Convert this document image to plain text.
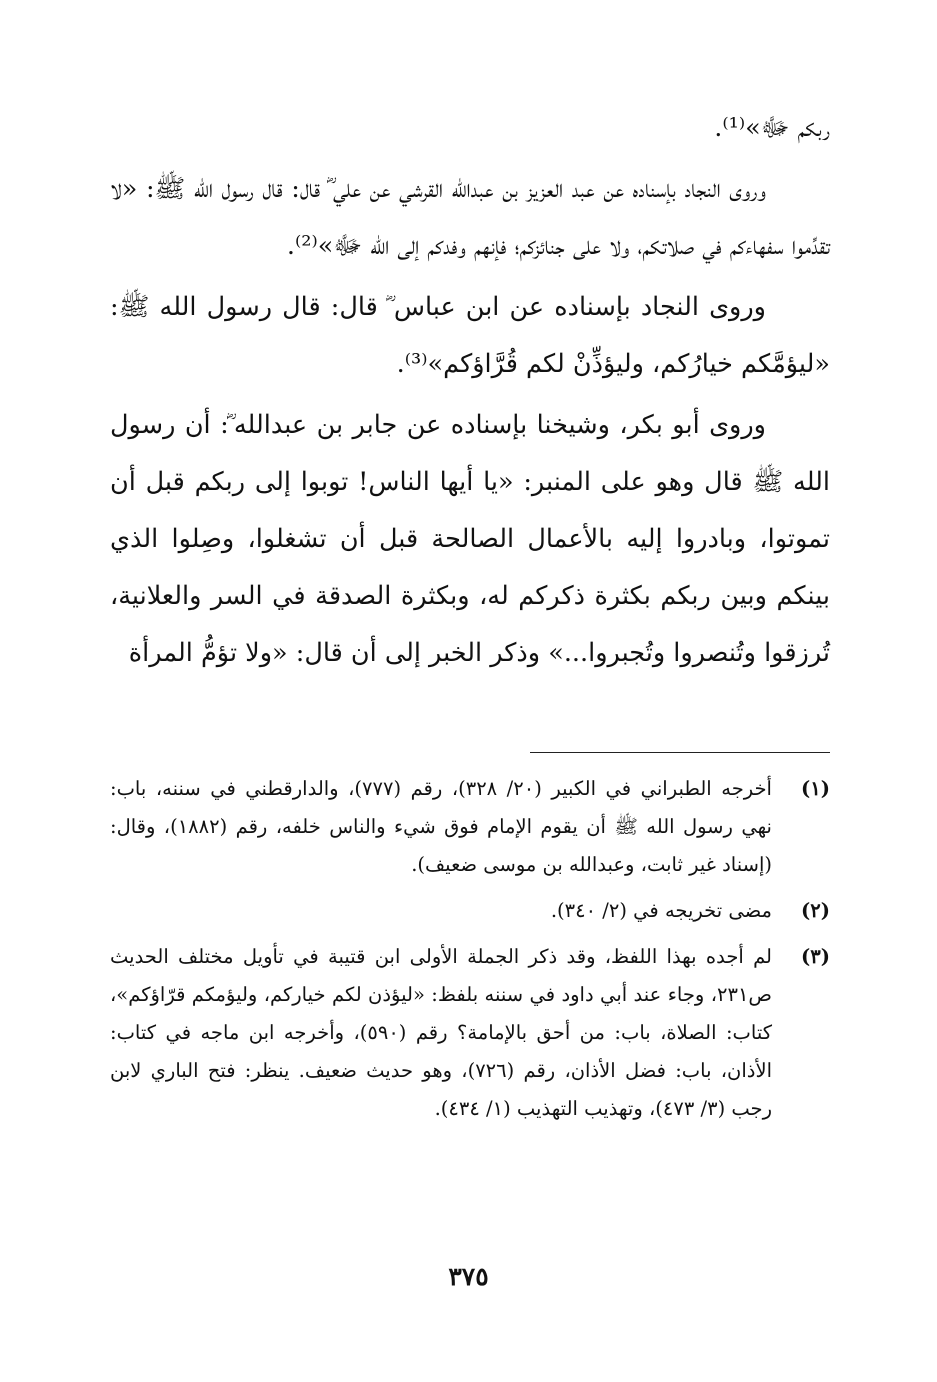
ربكم ﷻ»⁽¹⁾.

وروى النجاد بإسناده عن عبد العزيز بن عبدالله القرشي عن علي ؓ قال: قال رسول الله ﷺ: «لا تقدِّموا سفهاءكم في صلاتكم، ولا على جنائزكم؛ فإنهم وفدكم إلى الله ﷻ»⁽²⁾.

وروى النجاد بإسناده عن ابن عباس ؓ قال: قال رسول الله ﷺ: «ليؤمَّكم خيارُكم، وليؤذِّنْ لكم قُرَّاؤكم»⁽³⁾.

وروى أبو بكر، وشيخنا بإسناده عن جابر بن عبدالله ؓ: أن رسول الله ﷺ قال وهو على المنبر: «يا أيها الناس! توبوا إلى ربكم قبل أن تموتوا، وبادروا إليه بالأعمال الصالحة قبل أن تشغلوا، وصِلوا الذي بينكم وبين ربكم بكثرة ذكركم له، وبكثرة الصدقة في السر والعلانية، تُرزقوا وتُنصروا وتُجبروا...» وذكر الخبر إلى أن قال: «ولا تؤمُّ المرأة

(١)
أخرجه الطبراني في الكبير (٢٠/ ٣٢٨)، رقم (٧٧٧)، والدارقطني في سننه، باب: نهي رسول الله ﷺ أن يقوم الإمام فوق شيء والناس خلفه، رقم (١٨٨٢)، وقال: (إسناد غير ثابت، وعبدالله بن موسى ضعيف).
(٢)
مضى تخريجه في (٢/ ٣٤٠).
(٣)
لم أجده بهذا اللفظ، وقد ذكر الجملة الأولى ابن قتيبة في تأويل مختلف الحديث ص٢٣١، وجاء عند أبي داود في سننه بلفظ: «ليؤذن لكم خياركم، وليؤمكم قرّاؤكم»، كتاب: الصلاة، باب: من أحق بالإمامة؟ رقم (٥٩٠)، وأخرجه ابن ماجه في كتاب: الأذان، باب: فضل الأذان، رقم (٧٢٦)، وهو حديث ضعيف. ينظر: فتح الباري لابن رجب (٣/ ٤٧٣)، وتهذيب التهذيب (١/ ٤٣٤).
٣٧٥
